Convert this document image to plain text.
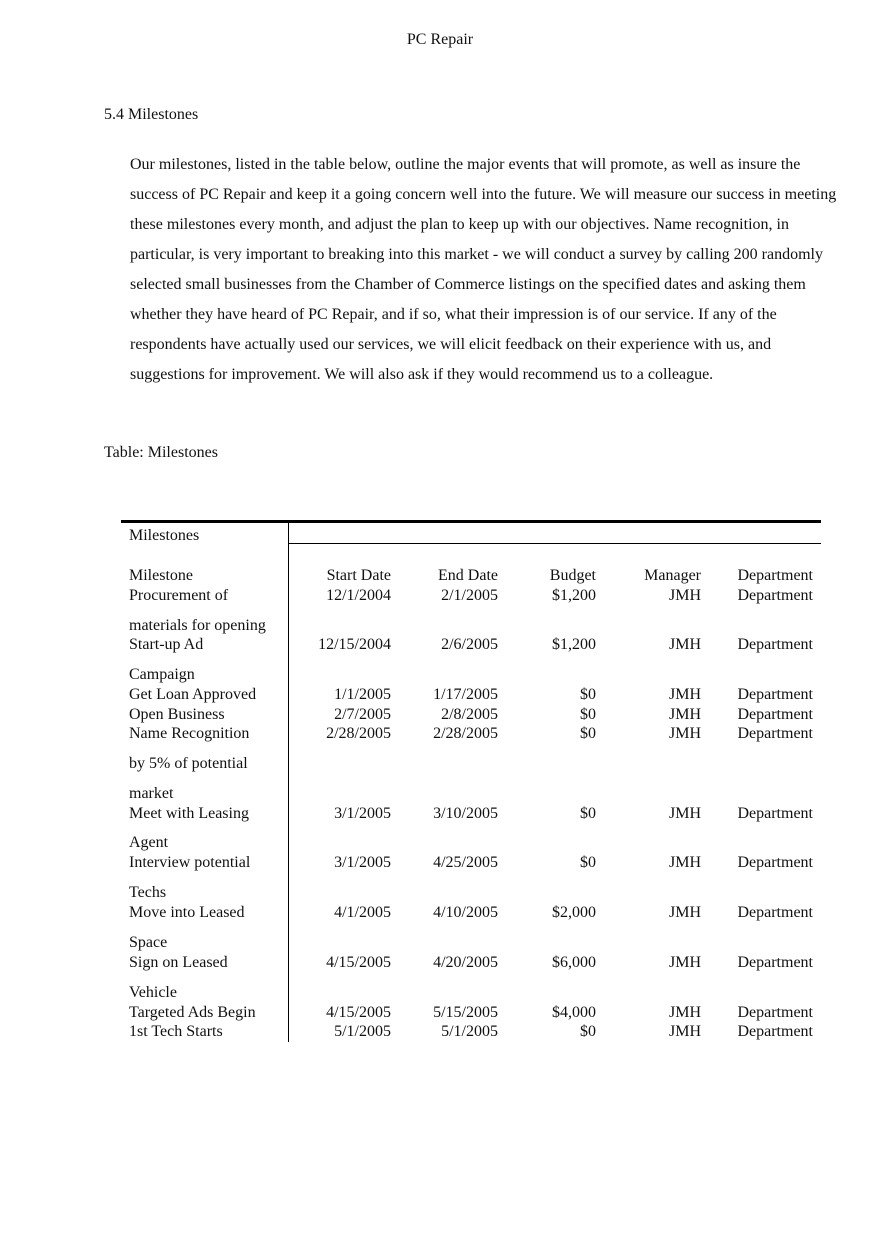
PC Repair
5.4 Milestones

Our milestones, listed in the table below, outline the major events that will promote, as well as insure the success of PC Repair and keep it a going concern well into the future. We will measure our success in meeting these milestones every month, and adjust the plan to keep up with our objectives. Name recognition, in particular, is very important to breaking into this market - we will conduct a survey by calling 200 randomly selected small businesses from the Chamber of Commerce listings on the specified dates and asking them whether they have heard of PC Repair, and if so, what their impression is of our service. If any of the respondents have actually used our services, we will elicit feedback on their experience with us, and suggestions for improvement. We will also ask if they would recommend us to a colleague.

Table: Milestones
Milestones
Milestone	Start Date	End Date	Budget	Manager	Department
Procurement of
materials for opening
12/1/2004	2/1/2005	$1,200	JMH	Department
Start-up Ad
Campaign
12/15/2004	2/6/2005	$1,200	JMH	Department
Get Loan Approved	1/1/2005	1/17/2005	$0	JMH	Department
Open Business	2/7/2005	2/8/2005	$0	JMH	Department
Name Recognition
by 5% of potential
market
2/28/2005	2/28/2005	$0	JMH	Department
Meet with Leasing
Agent
3/1/2005	3/10/2005	$0	JMH	Department
Interview potential
Techs
3/1/2005	4/25/2005	$0	JMH	Department
Move into Leased
Space
4/1/2005	4/10/2005	$2,000	JMH	Department
Sign on Leased
Vehicle
4/15/2005	4/20/2005	$6,000	JMH	Department
Targeted Ads Begin	4/15/2005	5/15/2005	$4,000	JMH	Department
1st Tech Starts	5/1/2005	5/1/2005	$0	JMH	Department
